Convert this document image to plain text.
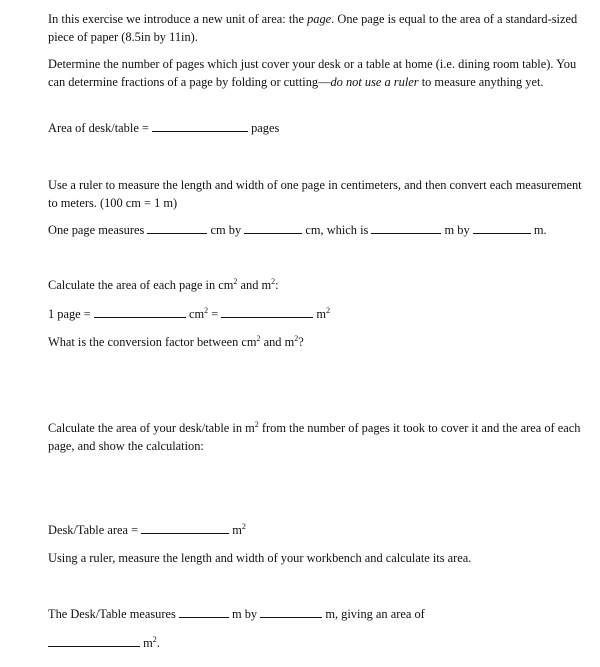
In this exercise we introduce a new unit of area: the page. One page is equal to the area of a standard-sized piece of paper (8.5in by 11in).

Determine the number of pages which just cover your desk or a table at home (i.e. dining room table). You can determine fractions of a page by folding or cutting—do not use a ruler to measure anything yet.

Area of desk/table =	pages

Use a ruler to measure the length and width of one page in centimeters, and then convert each measurement to meters. (100 cm = 1 m)

One page measures	cm by	cm, which is	m by	m.

Calculate the area of each page in $cm^2$ and $m^2$:

1 page =	$cm^2$ =	$m^2$

What is the conversion factor between $cm^2$ and $m^2$?

Calculate the area of your desk/table in $m^2$ from the number of pages it took to cover it and the area of each page, and show the calculation:

Desk/Table area =	$m^2$

Using a ruler, measure the length and width of your workbench and calculate its area.

The Desk/Table measures	m by	m, giving an area of

$m^2$.
